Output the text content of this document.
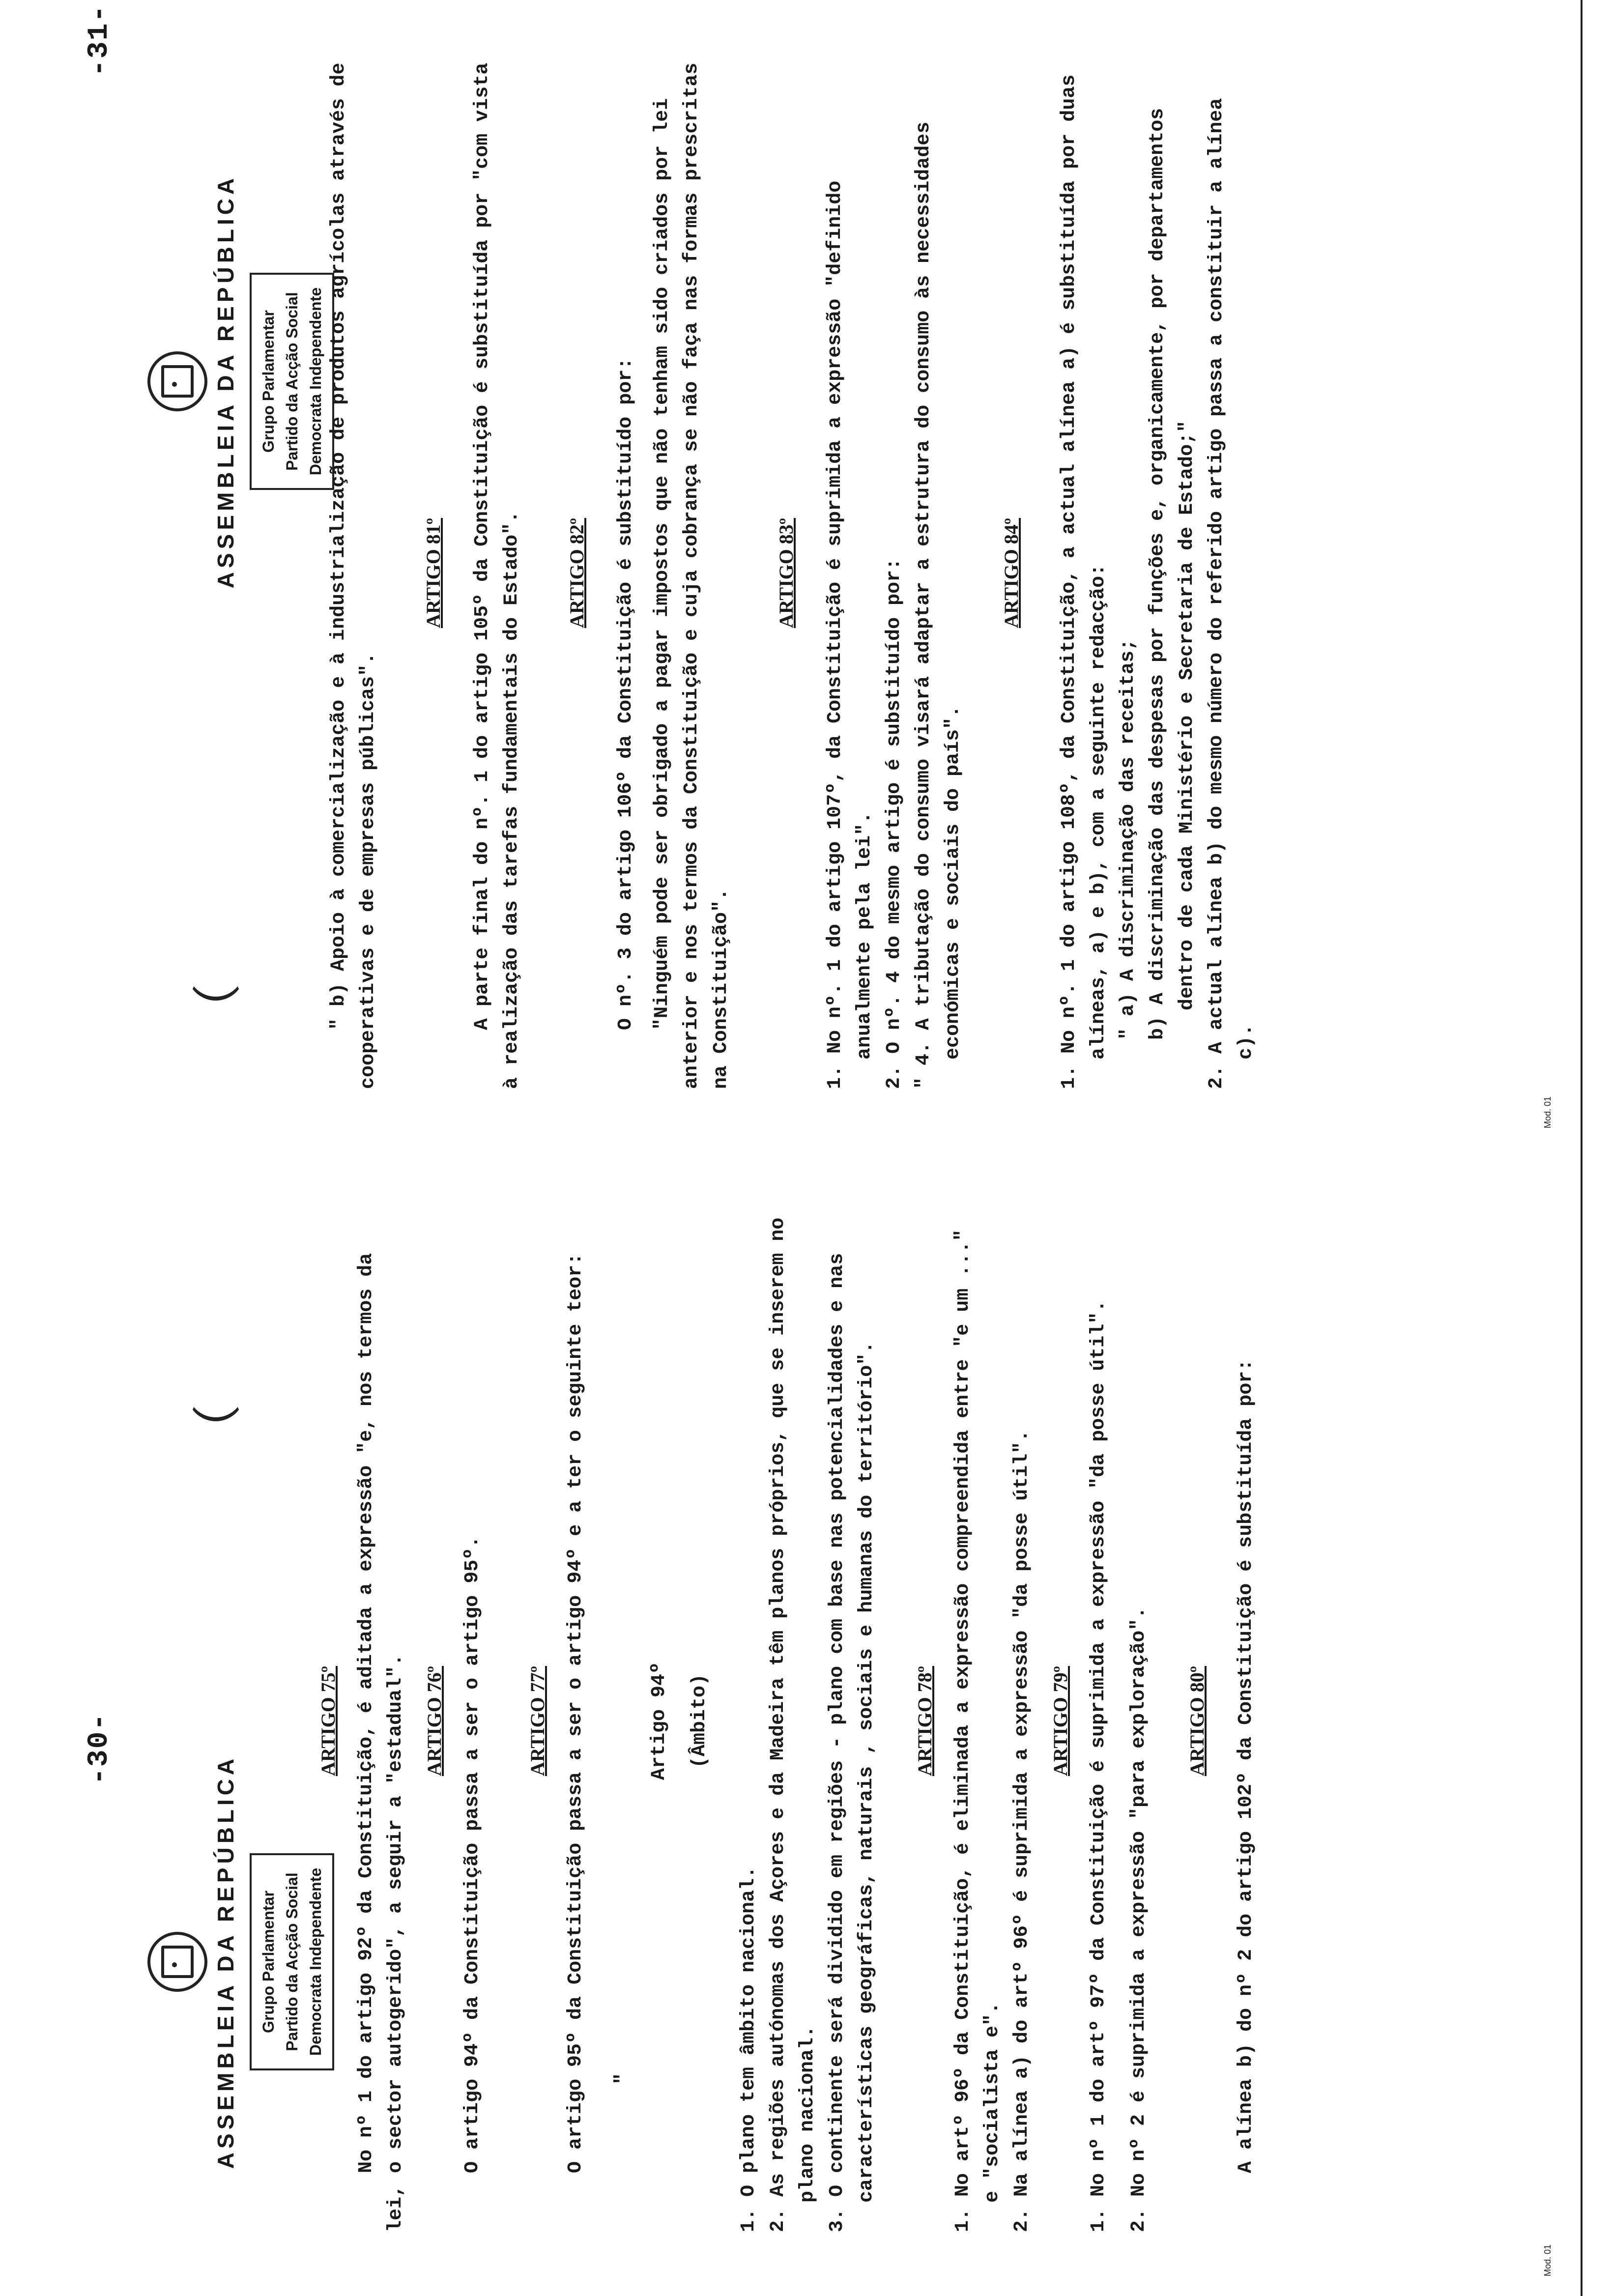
-30-
ASSEMBLEIA DA REPÚBLICA Grupo Parlamentar Partido da Acção Social Democrata Independente
ARTIGO 75º No nº 1 do artigo 92º da Constituição, é aditada a expressão "e, nos termos da lei, o sector autogerido", a seguir a "estadual". ARTIGO 76º O artigo 94º da Constituição passa a ser o artigo 95º. ARTIGO 77º O artigo 95º da Constituição passa a ser o artigo 94º e a ter o seguinte teor: "

Artigo 94º (Âmbito)

1. O plano tem âmbito nacional. 2. As regiões autónomas dos Açores e da Madeira têm planos próprios, que se inserem no plano nacional. 3. O continente será dividido em regiões - plano com base nas potencialidades e nas características geográficas, naturais , sociais e humanas do território". ARTIGO 78º 1. No artº 96º da Constituição, é eliminada a expressão compreendida entre "e um ..." e "socialista e". 2. Na alínea a) do artº 96º é suprimida a expressão "da posse útil". ARTIGO 79º 1. No nº 1 do artº 97º da Constituição é suprimida a expressão "da posse útil". 2. No nº 2 é suprimida a expressão "para exploração". ARTIGO 80º A alínea b) do nº 2 do artigo 102º da Constituição é substituída por:

Mod. 01
-31-
ASSEMBLEIA DA REPÚBLICA Grupo Parlamentar Partido da Acção Social Democrata Independente " b) Apoio à comercialização e à industrialização de produtos agrícolas através de cooperativas e de empresas públicas".

ARTIGO 81º A parte final do nº. 1 do artigo 105º da Constituição é substituída por "com vista à realização das tarefas fundamentais do Estado". ARTIGO 82º O nº. 3 do artigo 106º da Constituição é substituído por: "Ninguém pode ser obrigado a pagar impostos que não tenham sido criados por lei anterior e nos termos da Constituição e cuja cobrança se não faça nas formas prescritas na Constituição".

ARTIGO 83º 1. No nº. 1 do artigo 107º, da Constituição é suprimida a expressão "definido anualmente pela lei". 2. O nº. 4 do mesmo artigo é substituído por: " 4. A tributação do consumo visará adaptar a estrutura do consumo às necessidades económicas e sociais do país".

ARTIGO 84º 1. No nº. 1 do artigo 108º, da Constituição, a actual alínea a) é substituída por duas alíneas, a) e b), com a seguinte redacção: " a) A discriminação das receitas; b) A discriminação das despesas por funções e, organicamente, por departamentos dentro de cada Ministério e Secretaria de Estado;" 2. A actual alínea b) do mesmo número do referido artigo passa a constituir a alínea c).

Mod. 01
